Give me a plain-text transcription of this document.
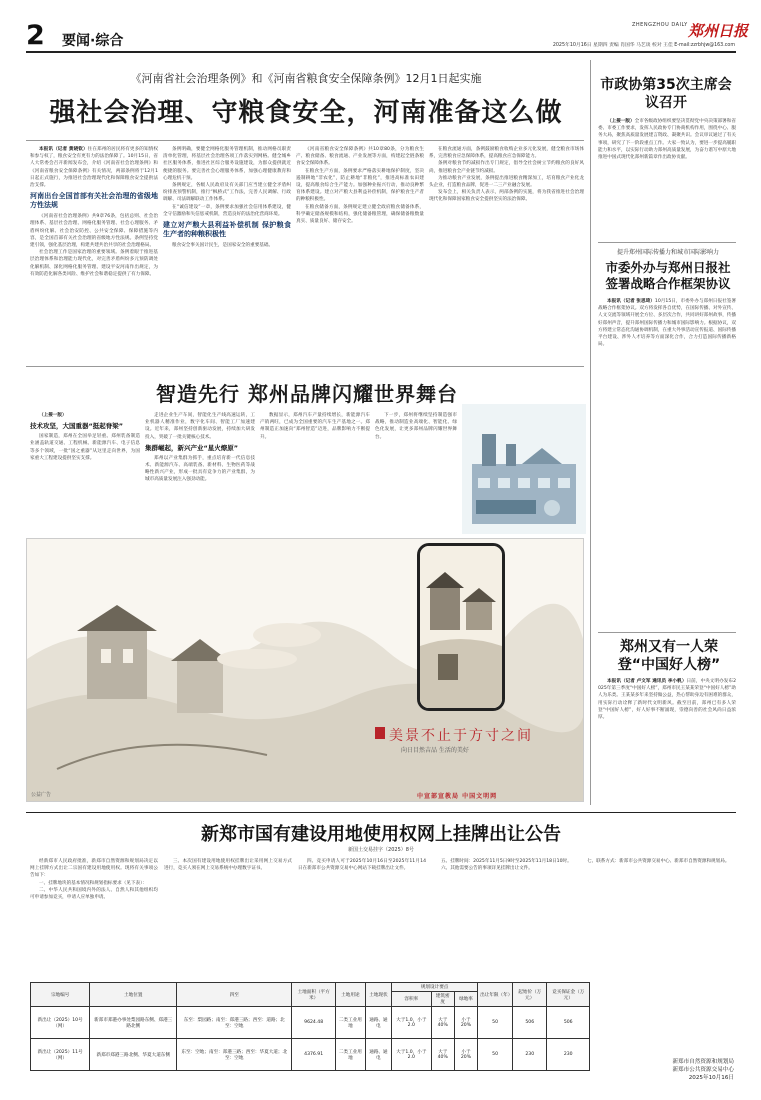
2 要闻·综合
ZHENGZHOU DAILY 郑州日报
2025年10月16日 星期四 责编 肖国华 马艺谈 校对 王佳 E-mail:zzrbhjw@163.com
《河南省社会治理条例》和《河南省粮食安全保障条例》12月1日起实施
强社会治理、守粮食安全，河南准备这么做

本报讯（记者 黄晓钦）住在郑州的居民将有更多的知情权和参与权了，粮食安全有更有力的法治保障了。10月15日，省人大常委会召开新闻发布会，介绍《河南省社会治理条例》和《河南省粮食安全保障条例》有关情况，两部条例将于12月1日起正式施行，为推进社会治理现代化和保障粮食安全提供法治支撑。

河南出台全国首部有关社会治理的省级地方性法规

《河南省社会治理条例》共9章76条，包括总则、社会治理体系、基层社会治理、网格化服务管理、社会心理服务、矛盾纠纷化解、社会治安防控、公共安全保障、保障措施等内容，是全国首部有关社会治理的省级地方性法规。条例坚持党建引领，强化基层治理，构建共建共治共享的社会治理格局。

社会治理工作是国家治理的重要领域。条例着眼于推进基层治理体系和治理能力现代化，对完善矛盾纠纷多元预防调处化解机制、深化网格化服务管理、建设平安河南作出规定，为有效防范化解各类风险、维护社会和谐稳定提供了有力保障。

条例明确，要健全网格化服务管理机制，推动网格员职责清单化管理，将基层社会治理各项工作落实到网格。健全城乡社区服务体系，推进社区综合服务设施建设，为群众提供就近便捷的服务。要完善社会心理服务体系，加强心理健康教育和心理危机干预。

条例规定，各级人民政府及有关部门应当建立健全矛盾纠纷排查预警机制，推行“枫桥式”工作法，完善人民调解、行政调解、司法调解联动工作体系。

在“诚信建设”一章，条例要求加强社会信用体系建设，健全守信激励和失信惩戒机制，营造良好的法治化营商环境。

建立对产粮大县利益补偿机制 保护粮食生产者的种粮积极性

粮食安全事关国计民生，是国家安全的重要基础。

《河南省粮食安全保障条例》共10章80条，分为粮食生产、粮食储备、粮食流通、产业发展等方面，构建起全链条粮食安全保障体系。

在粮食生产方面，条例要求严格落实耕地保护制度，坚决遏制耕地“非农化”，防止耕地“非粮化”，推进高标准农田建设，提高粮食综合生产能力。加强种业振兴行动，推动良种繁育体系建设。建立对产粮大县利益补偿机制，保护粮食生产者的种粮积极性。

在粮食储备方面，条例规定建立健全政府粮食储备体系，科学确定储备规模和结构，强化储备粮管理，确保储备粮数量真实、质量良好、储存安全。

在粮食流通方面，条例鼓励粮食收购企业多元化发展，健全粮食市场体系，完善粮食应急保障体系，提高粮食应急保障能力。

条例对粮食节约减损作出专门规定，倡导全社会树立节约粮食的良好风尚，推进粮食全产业链节约减损。

为推动粮食产业发展，条例提出推进粮食精深加工，培育粮食产业化龙头企业，打造粮食品牌，促进一二三产业融合发展。

发布会上，相关负责人表示，两部条例的实施，将为我省推进社会治理现代化和保障国家粮食安全提供坚实的法治保障。

市政协第35次主席会议召开

（上接一版）全市各级政协组织要坚决贯彻党中央决策部署和省委、市委工作要求，发挥人民政协专门协商机构作用，围绕中心、服务大局，聚焦高质量发展建言资政、凝聚共识。会议审议通过了有关事项，研究了下一阶段重点工作。大家一致认为，要进一步提高履职能力和水平，以实际行动助力郑州高质量发展，为奋力谱写中原大地推进中国式现代化郑州新篇章作出政协贡献。

提升郑州国际传播力和城市国际影响力
市委外办与郑州日报社签署战略合作框架协议

本报讯（记者 张思琦）10月15日，市委外办与郑州日报社签署战略合作框架协议。双方将发挥各自优势，在国际传播、对外宣传、人文交流等领域开展全方位、多层次合作，共同讲好郑州故事，传播好郑州声音，提升郑州国际传播力和城市国际影响力。根据协议，双方将建立常态化沟通协调机制，在重大外事活动宣传报道、国际传播平台建设、涉外人才培养等方面深化合作，合力打造国际传播新格局。

郑州又有一人荣登“中国好人榜”

本报讯（记者 卢文军 通讯员 李小帆）日前，中央文明办发布2025年第三季度“中国好人榜”，郑州市民王某某荣登“中国好人榜”助人为乐类。王某某多年来坚持做公益，热心帮助身边有困难的群众，用实际行动诠释了新时代文明新风。截至目前，郑州已有多人荣登“中国好人榜”，好人好事不断涌现，崇德向善的社会风尚日益浓厚。

智造先行 郑州品牌闪耀世界舞台

（上接一版）

技术攻坚，大国重器“挺起脊梁”

国家制造，郑州在全国举足轻重。郑州装备制造业涵盖轨道交通、工程机械、新能源汽车、电子信息等多个领域，一批“国之重器”从这里走向世界，为国家重大工程建设提供坚实支撑。

走进企业生产车间，智能化生产线高速运转，工业机器人精准作业，数字化车间、智能工厂加速建设。近年来，郑州坚持创新驱动发展，持续加大研发投入，突破了一批关键核心技术。

集群崛起，新兴产业“星火燎原”

郑州以产业集群为抓手，重点培育新一代信息技术、新能源汽车、高端装备、新材料、生物医药等战略性新兴产业，形成一批具有竞争力的产业集群，为城市高质量发展注入强劲动能。

数据显示，郑州汽车产量持续增长，新能源汽车产销两旺，已成为全国重要的汽车生产基地之一。郑州制造正加速向“郑州智造”迈进，品牌影响力不断提升。

下一步，郑州将继续坚持制造强市战略，推动制造业高端化、智能化、绿色化发展，让更多郑州品牌闪耀世界舞台。

美景不止于方寸之间
向日目然吉品 生活的美好
公益广告	中宣部宣教局 中国文明网
新郑市国有建设用地使用权网上挂牌出让公告
新国土交易挂字（2025）8号

经新郑市人民政府批准，新郑市自然资源和规划局决定以网上挂牌方式出让二宗国有建设用地使用权。现将有关事项公告如下：

一、挂牌地块的基本情况和规划指标要求（见下表）：

二、中华人民共和国境内外的法人、自然人和其他组织均可申请参加竞买，申请人应单独申请。

三、本次国有建设用地使用权挂牌出让采用网上交易方式进行，竞买人须在网上交易系统中办理数字证书。

四、竞买申请人可于2025年10月16日至2025年11月14日在新郑市公共资源交易中心网站下载挂牌出让文件。

五、挂牌时间：2025年11月5日9时至2025年11月18日10时。

六、其他需要公告的事项详见挂牌出让文件。

七、联系方式：新郑市公共资源交易中心、新郑市自然资源和规划局。

宗地编号	土地位置	四至	土地面积（平方米）	土地用途	土地现状	规划设计要点			出让年限（年）	起始价（万元）	竞买保证金（万元）
						容积率	建筑密度	绿地率			
新出让（2025）10号（网）	新郑市郑港办事处梨园路东侧、郑港三路北侧	东至：梨园路；南至：郑港三路；西至：道路；北至：空地	9624.48	二类工业用地	通路、通电	大于1.0，小于2.0	大于40%	小于20%	50	506	506
新出让（2025）11号（网）	新郑市郑港三路北侧、华夏大道东侧	东至：空地；南至：郑港三路；西至：华夏大道；北至：空地	4376.91	二类工业用地	通路、通电	大于1.0，小于2.0	大于40%	小于20%	50	230	230
新郑市自然资源和规划局
新郑市公共资源交易中心
2025年10月16日
